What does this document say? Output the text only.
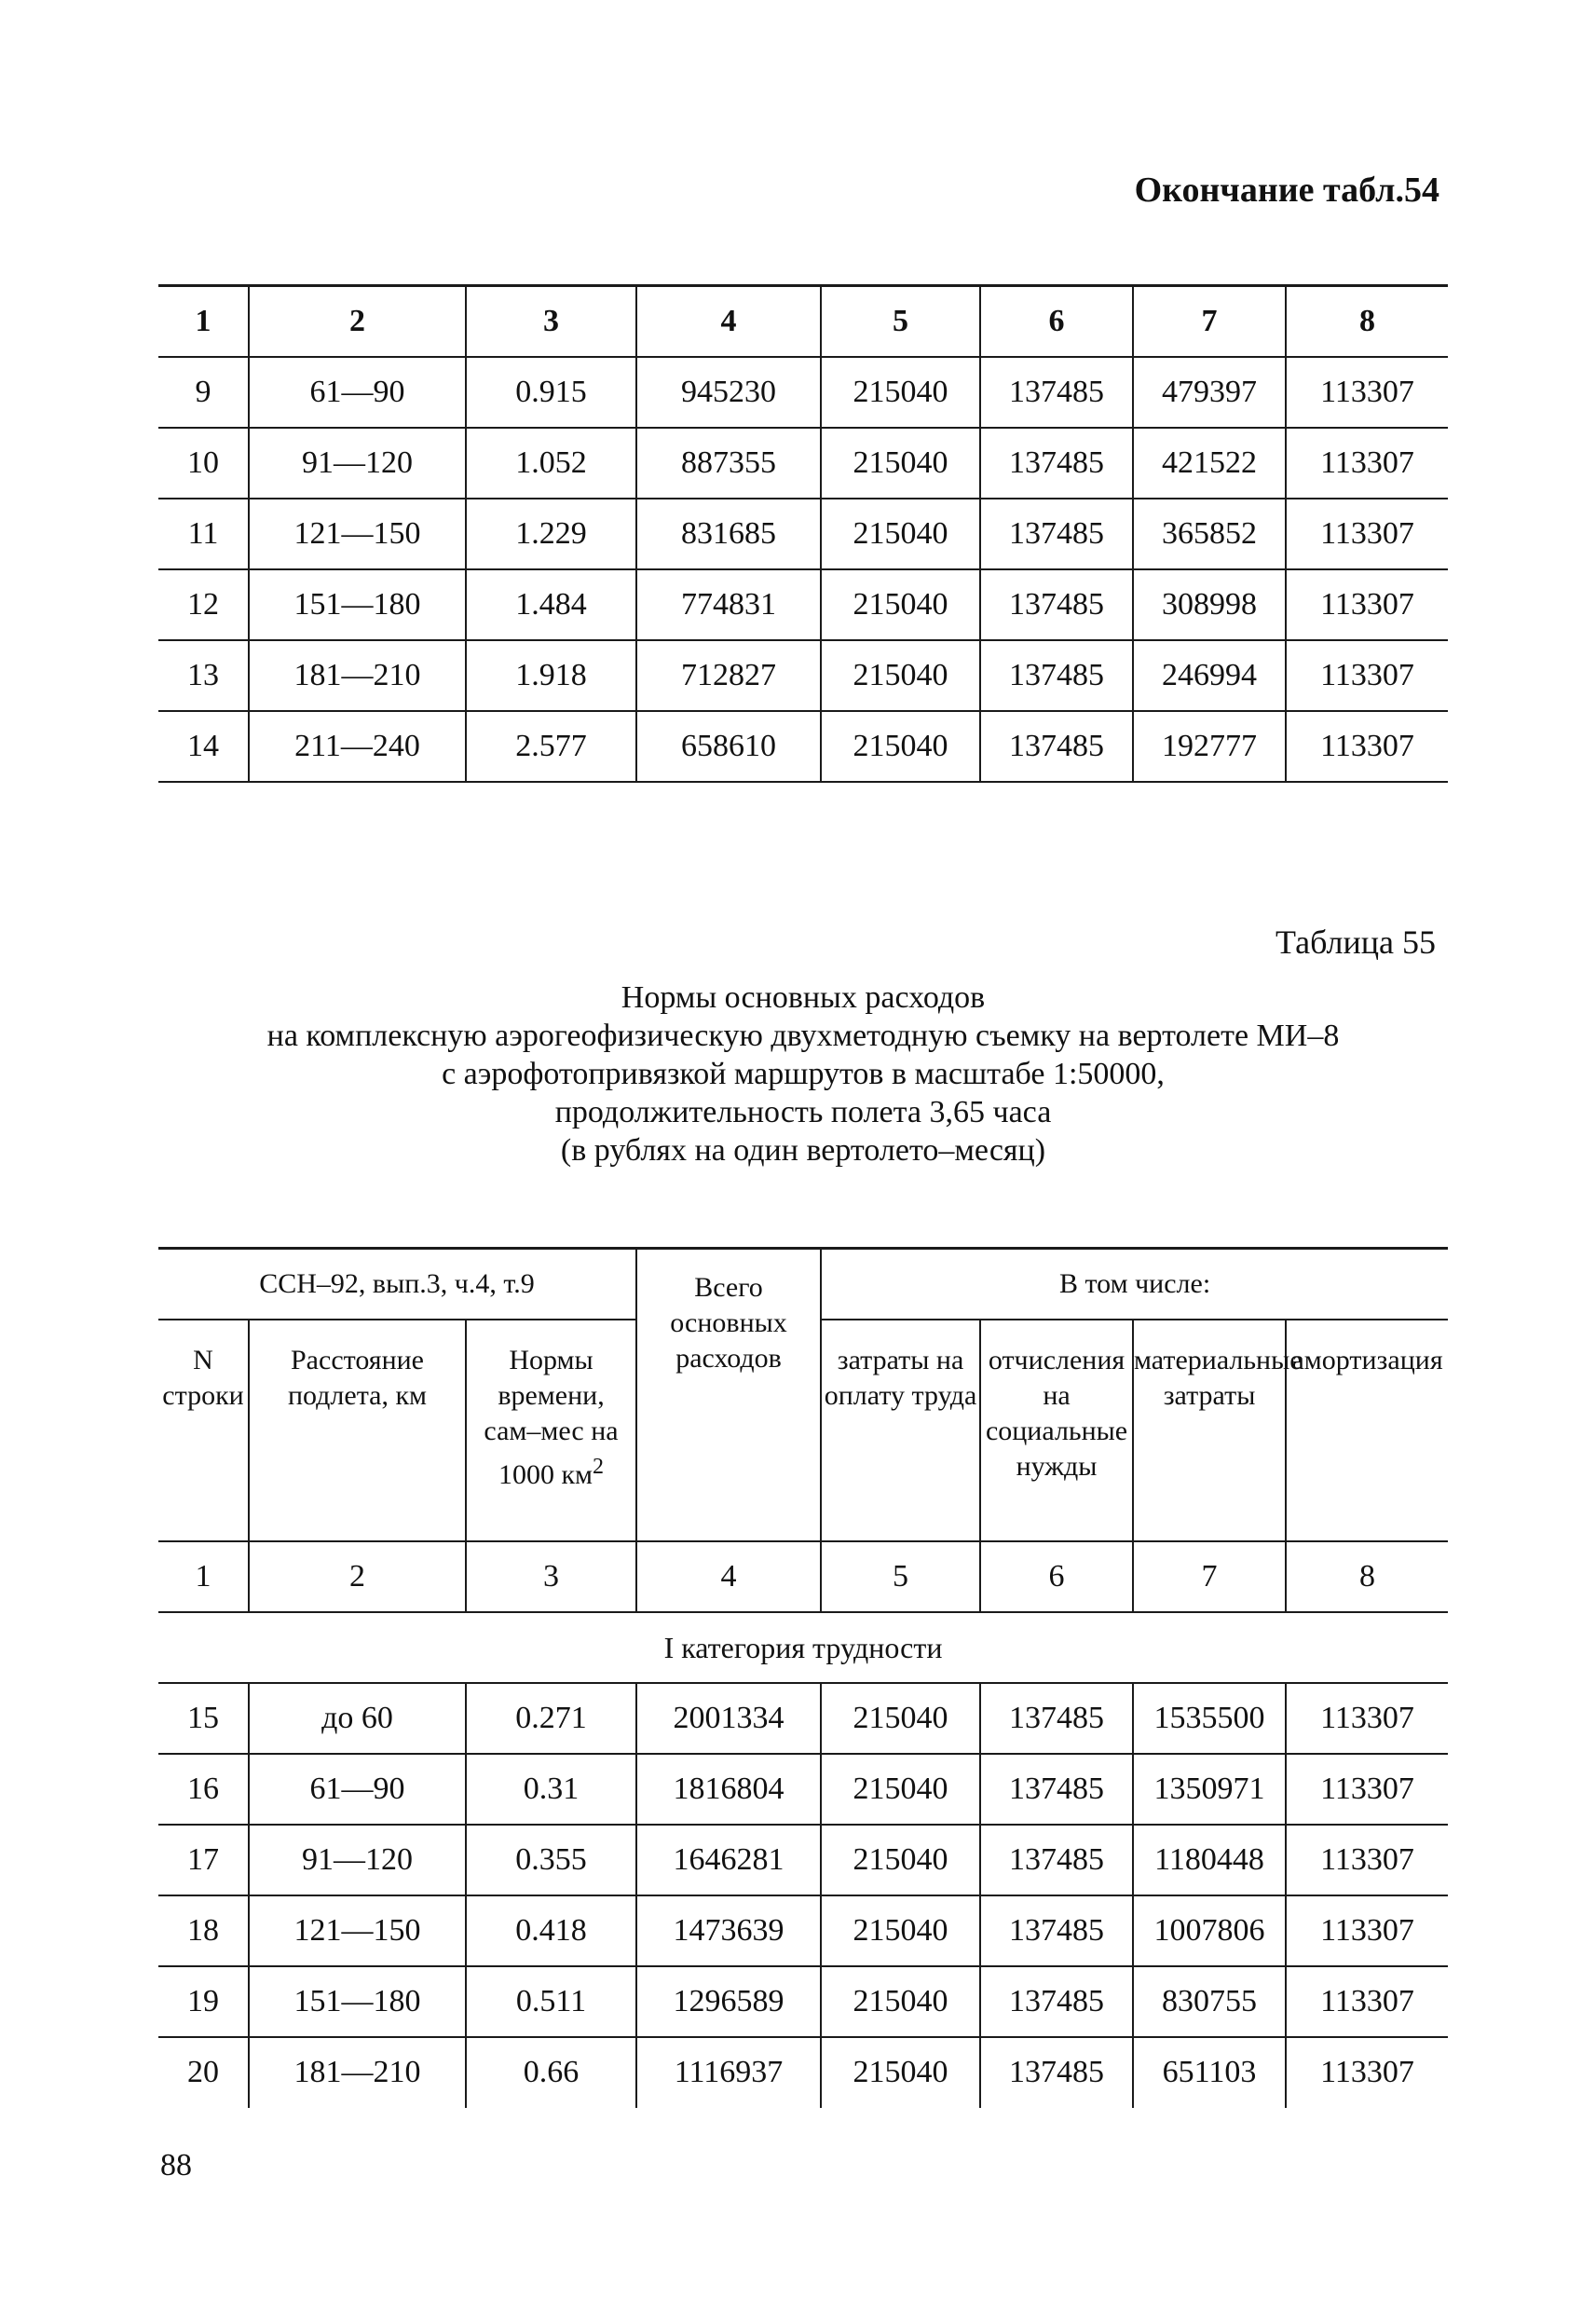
Окончание табл.54
1	2	3	4	5	6	7	8
9	61—90	0.915	945230	215040	137485	479397	113307
10	91—120	1.052	887355	215040	137485	421522	113307
11	121—150	1.229	831685	215040	137485	365852	113307
12	151—180	1.484	774831	215040	137485	308998	113307
13	181—210	1.918	712827	215040	137485	246994	113307
14	211—240	2.577	658610	215040	137485	192777	113307
Таблица 55
Нормы основных расходов
на комплексную аэрогеофизическую двухметодную съемку на вертолете МИ–8
с аэрофотопривязкой маршрутов в масштабе 1:50000,
продолжительность полета 3,65 часа
(в рублях на один вертолето–месяц)
ССН–92, вып.3, ч.4, т.9			Всего основных расходов	В том числе:			
N строки	Расстояние подлета, км	Нормы времени, сам–мес на 1000 $км^2$		затраты на оплату труда	отчисления на социальные нужды	материальные затраты	амортизация
1	2	3	4	5	6	7	8
I категория трудности							
15	до 60	0.271	2001334	215040	137485	1535500	113307
16	61—90	0.31	1816804	215040	137485	1350971	113307
17	91—120	0.355	1646281	215040	137485	1180448	113307
18	121—150	0.418	1473639	215040	137485	1007806	113307
19	151—180	0.511	1296589	215040	137485	830755	113307
20	181—210	0.66	1116937	215040	137485	651103	113307
88
